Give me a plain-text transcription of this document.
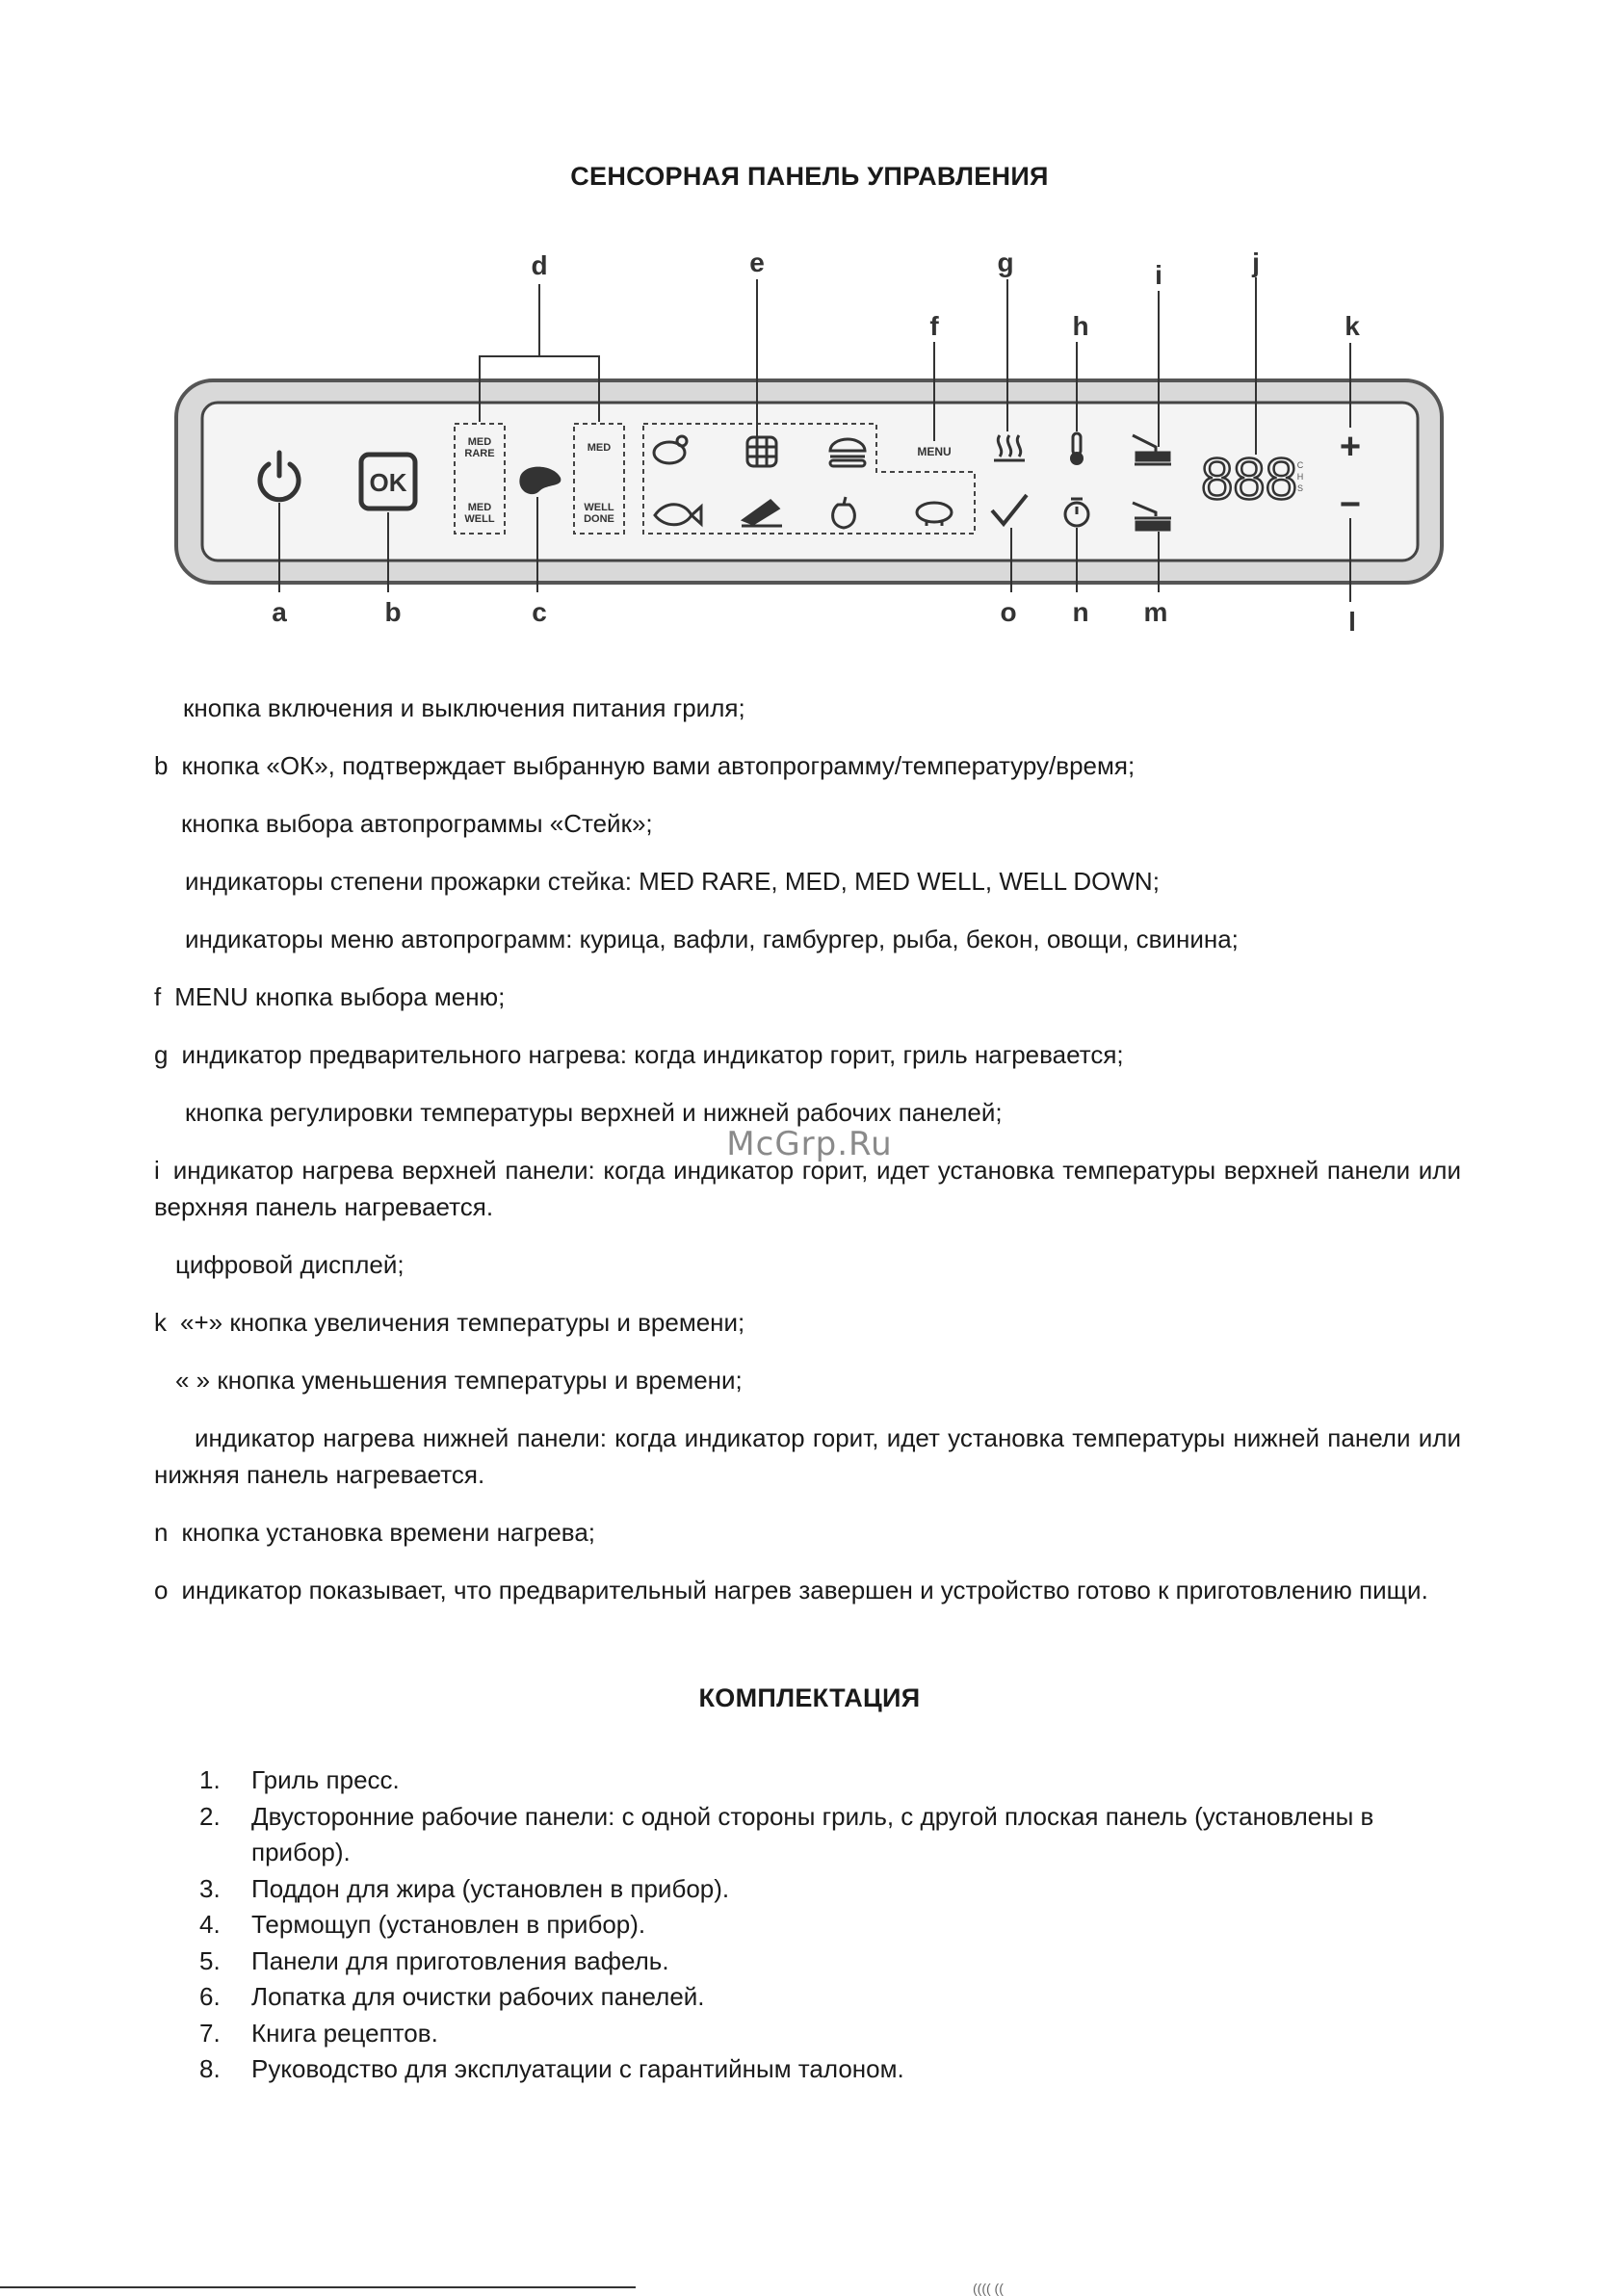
СЕНСОРНАЯ ПАНЕЛЬ УПРАВЛЕНИЯ
OK
MED
RARE
MED
WELL
MED
WELL
DONE
MENU	888 C
H
S
+
−
a	b	c
d	e
f
g
h
i	j
k
l
m
n
o
кнопка включения и выключения питания гриля;
b кнопка «ОК», подтверждает выбранную вами автопрограмму/температуру/время;
кнопка выбора автопрограммы «Стейк»;
индикаторы степени прожарки стейка: MED RARE, MED, MED WELL, WELL DOWN;
индикаторы меню автопрограмм: курица, вафли, гамбургер, рыба, бекон, овощи, свинина;
f MENU кнопка выбора меню;
g индикатор предварительного нагрева: когда индикатор горит, гриль нагревается;
кнопка регулировки температуры верхней и нижней рабочих панелей;
i индикатор нагрева верхней панели: когда индикатор горит, идет установка температуры верхней панели или верхняя панель нагревается.
цифровой дисплей;
k «+» кнопка увеличения температуры и времени;
« » кнопка уменьшения температуры и времени;
индикатор нагрева нижней панели: когда индикатор горит, идет установка температуры нижней панели или нижняя панель нагревается.
n кнопка установка времени нагрева;
o индикатор показывает, что предварительный нагрев завершен и устройство готово к приготовлению пищи.
McGrp.Ru
КОМПЛЕКТАЦИЯ
1. Гриль пресс.
2. Двусторонние рабочие панели: с одной стороны гриль, с другой плоская панель (установлены в прибор).
3. Поддон для жира (установлен в прибор).
4. Термощуп (установлен в прибор).
5. Панели для приготовления вафель.
6. Лопатка для очистки рабочих панелей.
7. Книга рецептов.
8. Руководство для эксплуатации с гарантийным талоном.
(((( ((
